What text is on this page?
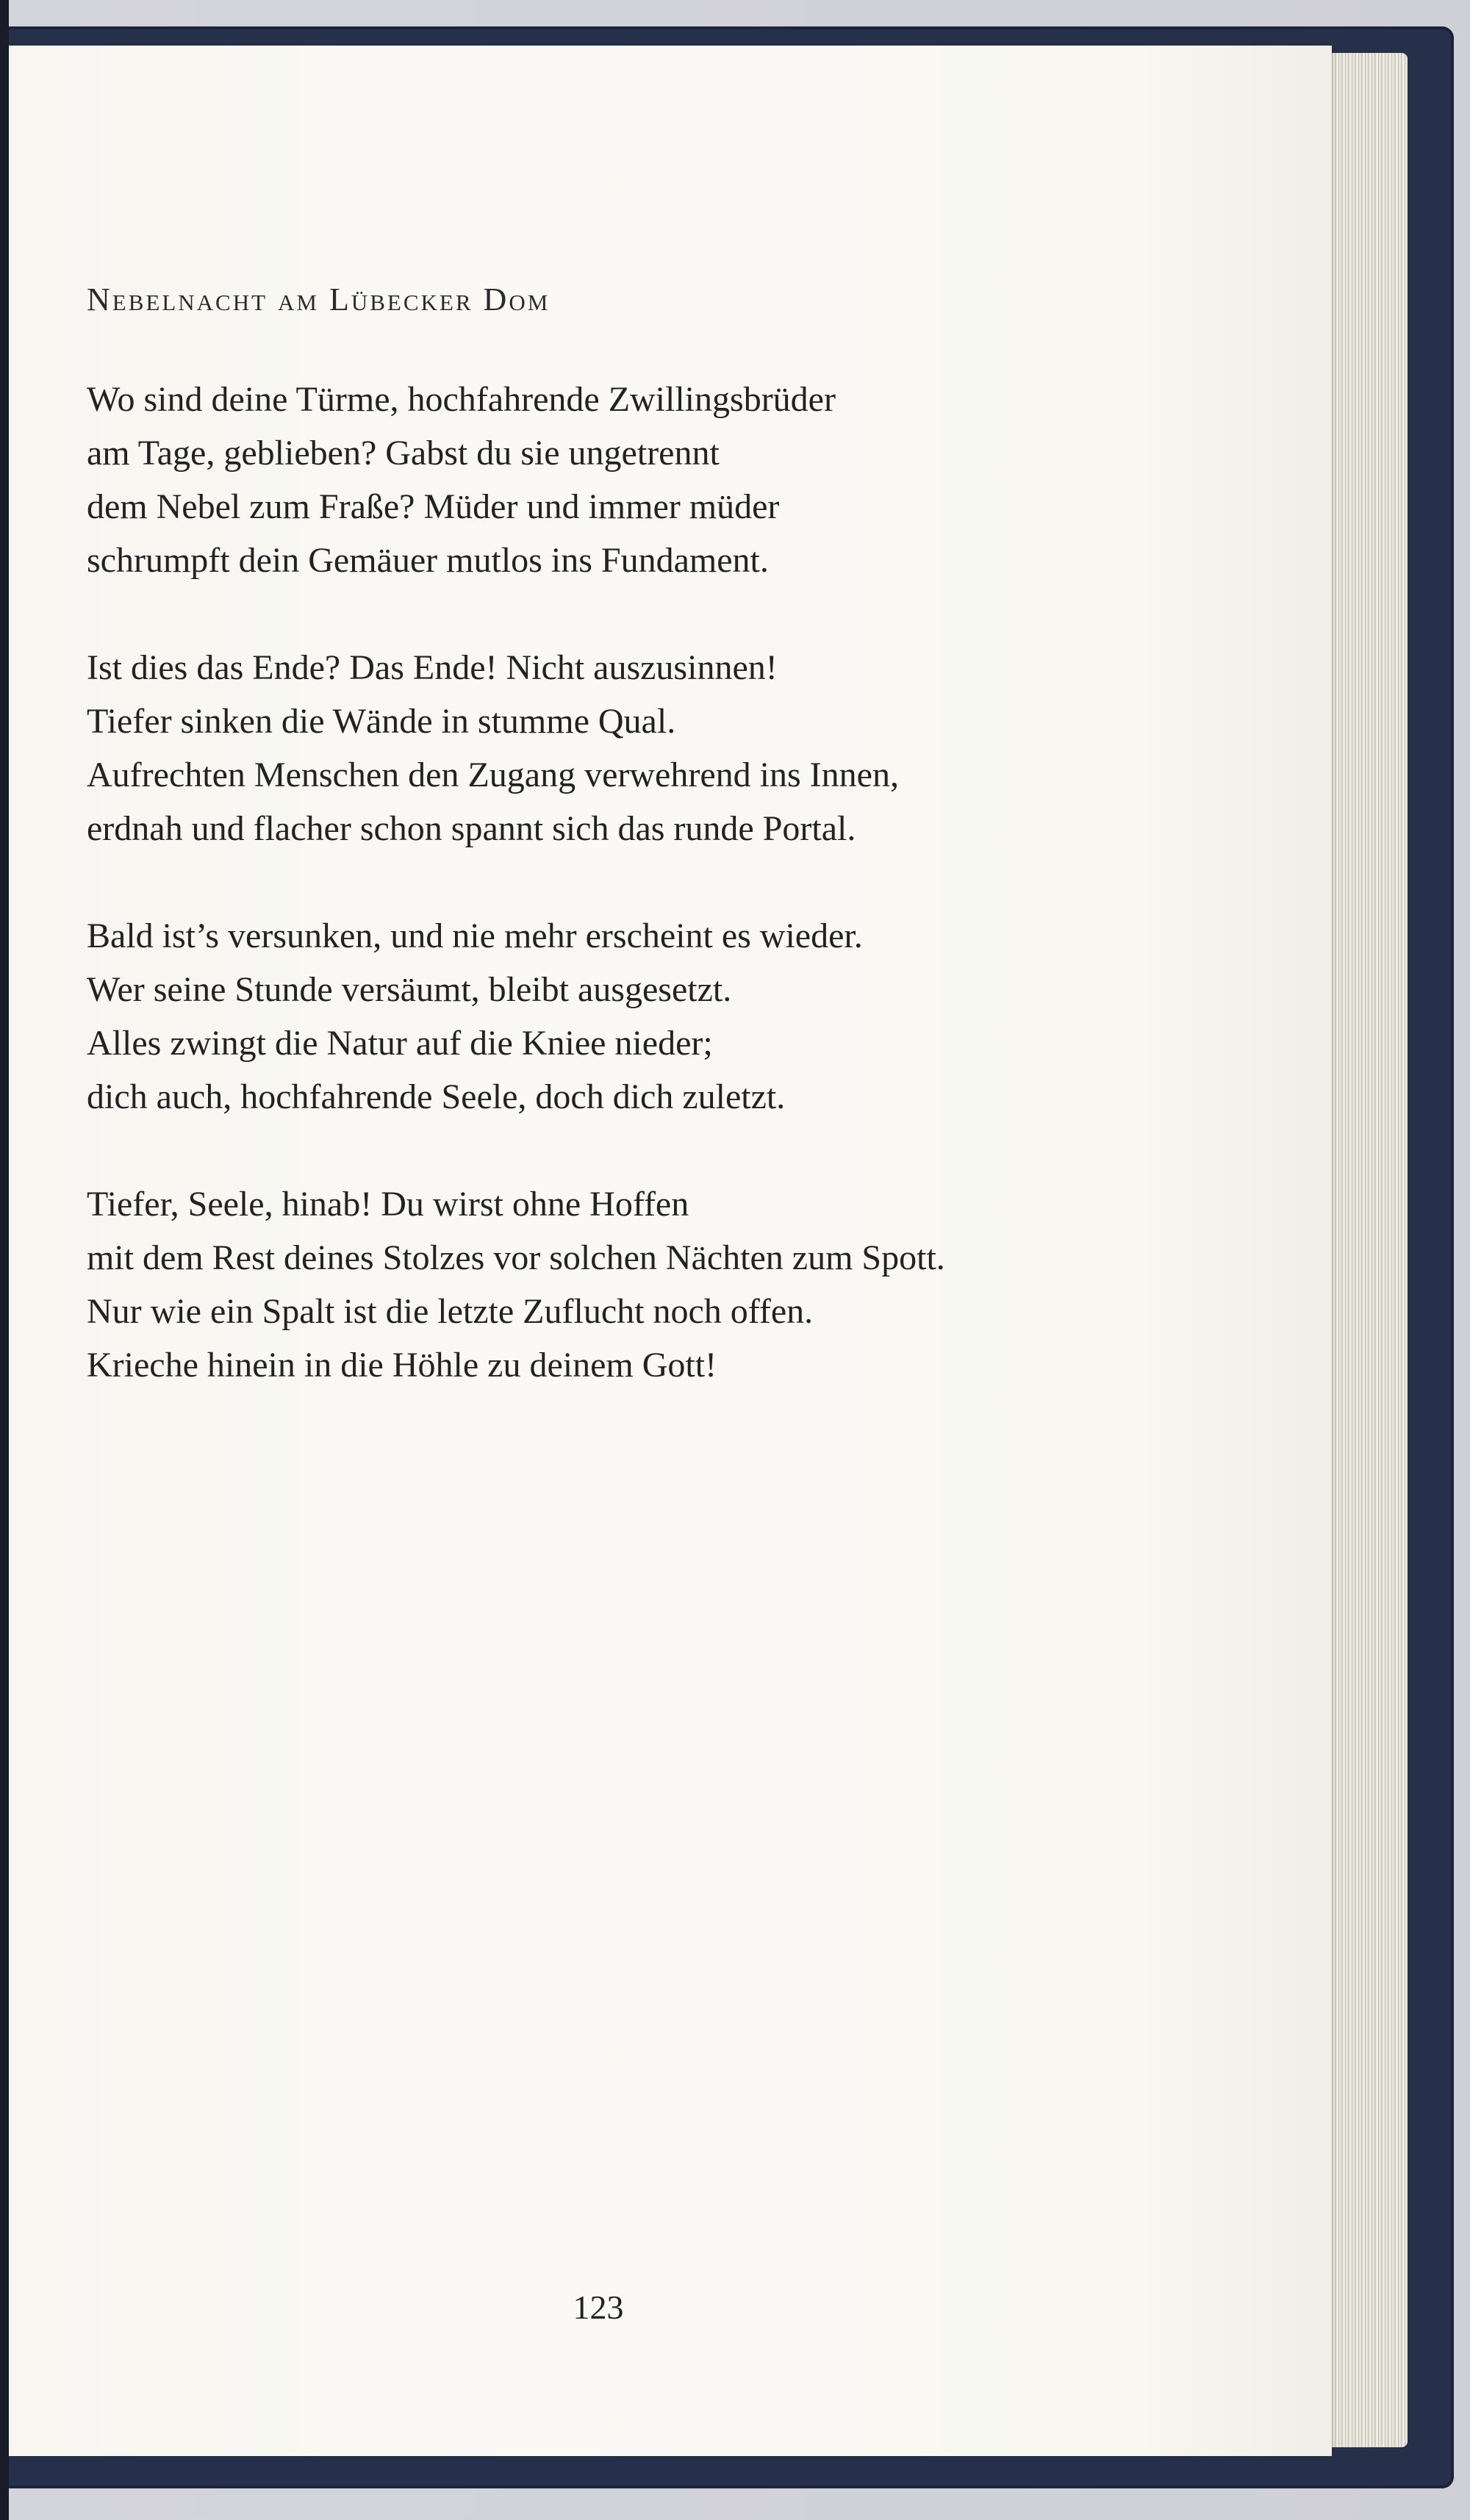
Nebelnacht am Lübecker Dom
Wo sind deine Türme, hochfahrende Zwillingsbrüder
am Tage, geblieben? Gabst du sie ungetrennt
dem Nebel zum Fraße? Müder und immer müder
schrumpft dein Gemäuer mutlos ins Fundament.
Ist dies das Ende? Das Ende! Nicht auszusinnen!
Tiefer sinken die Wände in stumme Qual.
Aufrechten Menschen den Zugang verwehrend ins Innen,
erdnah und flacher schon spannt sich das runde Portal.
Bald ist’s versunken, und nie mehr erscheint es wieder.
Wer seine Stunde versäumt, bleibt ausgesetzt.
Alles zwingt die Natur auf die Kniee nieder;
dich auch, hochfahrende Seele, doch dich zuletzt.
Tiefer, Seele, hinab! Du wirst ohne Hoffen
mit dem Rest deines Stolzes vor solchen Nächten zum Spott.
Nur wie ein Spalt ist die letzte Zuflucht noch offen.
Krieche hinein in die Höhle zu deinem Gott!
123
